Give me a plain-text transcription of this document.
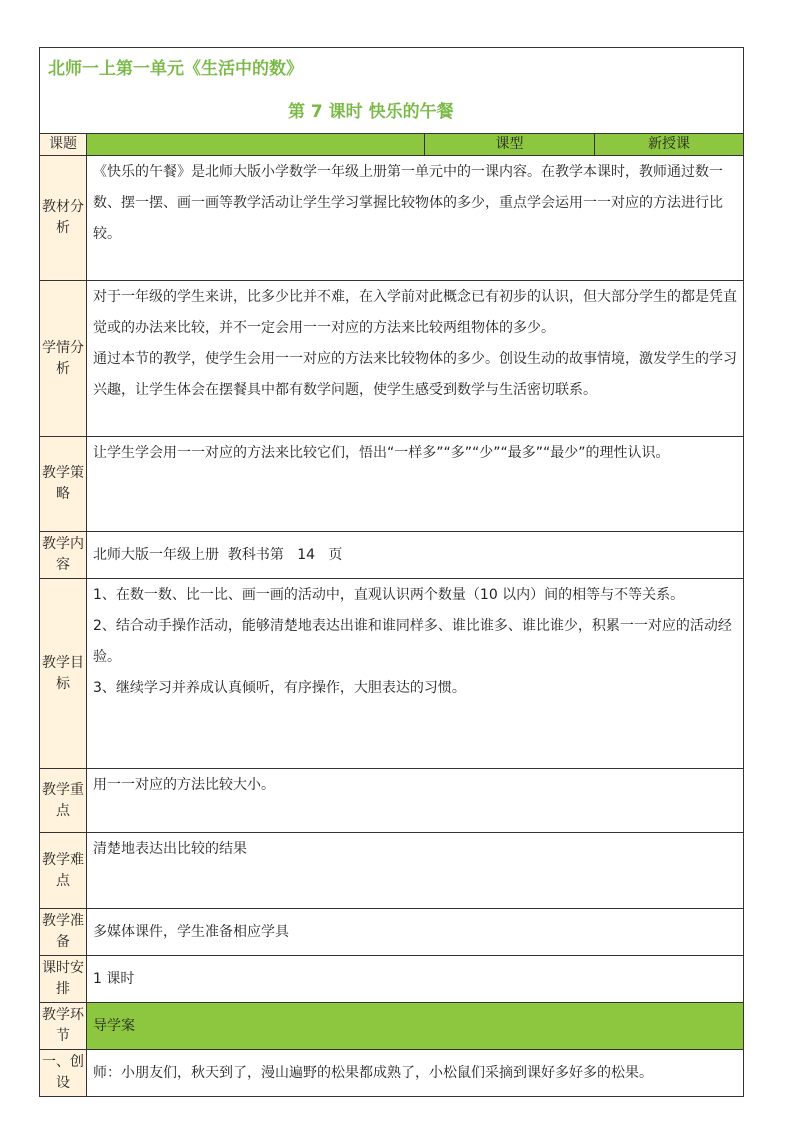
北师一上第一单元《生活中的数》
第 7 课时 快乐的午餐			

课题		课型	新授课
教材分析	《快乐的午餐》是北师大版小学数学一年级上册第一单元中的一课内容。在教学本课时，教师通过数一数、摆一摆、画一画等教学活动让学生学习掌握比较物体的多少，重点学会运用一一对应的方法进行比较。		
学情分析	对于一年级的学生来讲，比多少比并不难，在入学前对此概念已有初步的认识，但大部分学生的都是凭直觉或的办法来比较，并不一定会用一一对应的方法来比较两组物体的多少。

通过本节的教学，使学生会用一一对应的方法来比较物体的多少。创设生动的故事情境，激发学生的学习兴趣，让学生体会在摆餐具中都有数学问题，使学生感受到数学与生活密切联系。		

教学策略	让学生学会用一一对应的方法来比较它们，悟出“一样多”“多”“少”“最多”“最少”的理性认识。		
教学内容	北师大版一年级上册  教科书第   14   页		
教学目标	1、在数一数、比一比、画一画的活动中，直观认识两个数量（10 以内）间的相等与不等关系。

2、结合动手操作活动，能够清楚地表达出谁和谁同样多、谁比谁多、谁比谁少，积累一一对应的活动经验。

3、继续学习并养成认真倾听，有序操作，大胆表达的习惯。		

教学重点	用一一对应的方法比较大小。		
教学难点	清楚地表达出比较的结果		
教学准备	多媒体课件，学生准备相应学具		
课时安排	1 课时		
教学环节	导学案		
一、创设	师：小朋友们，秋天到了，漫山遍野的松果都成熟了，小松鼠们采摘到课好多好多的松果。		
